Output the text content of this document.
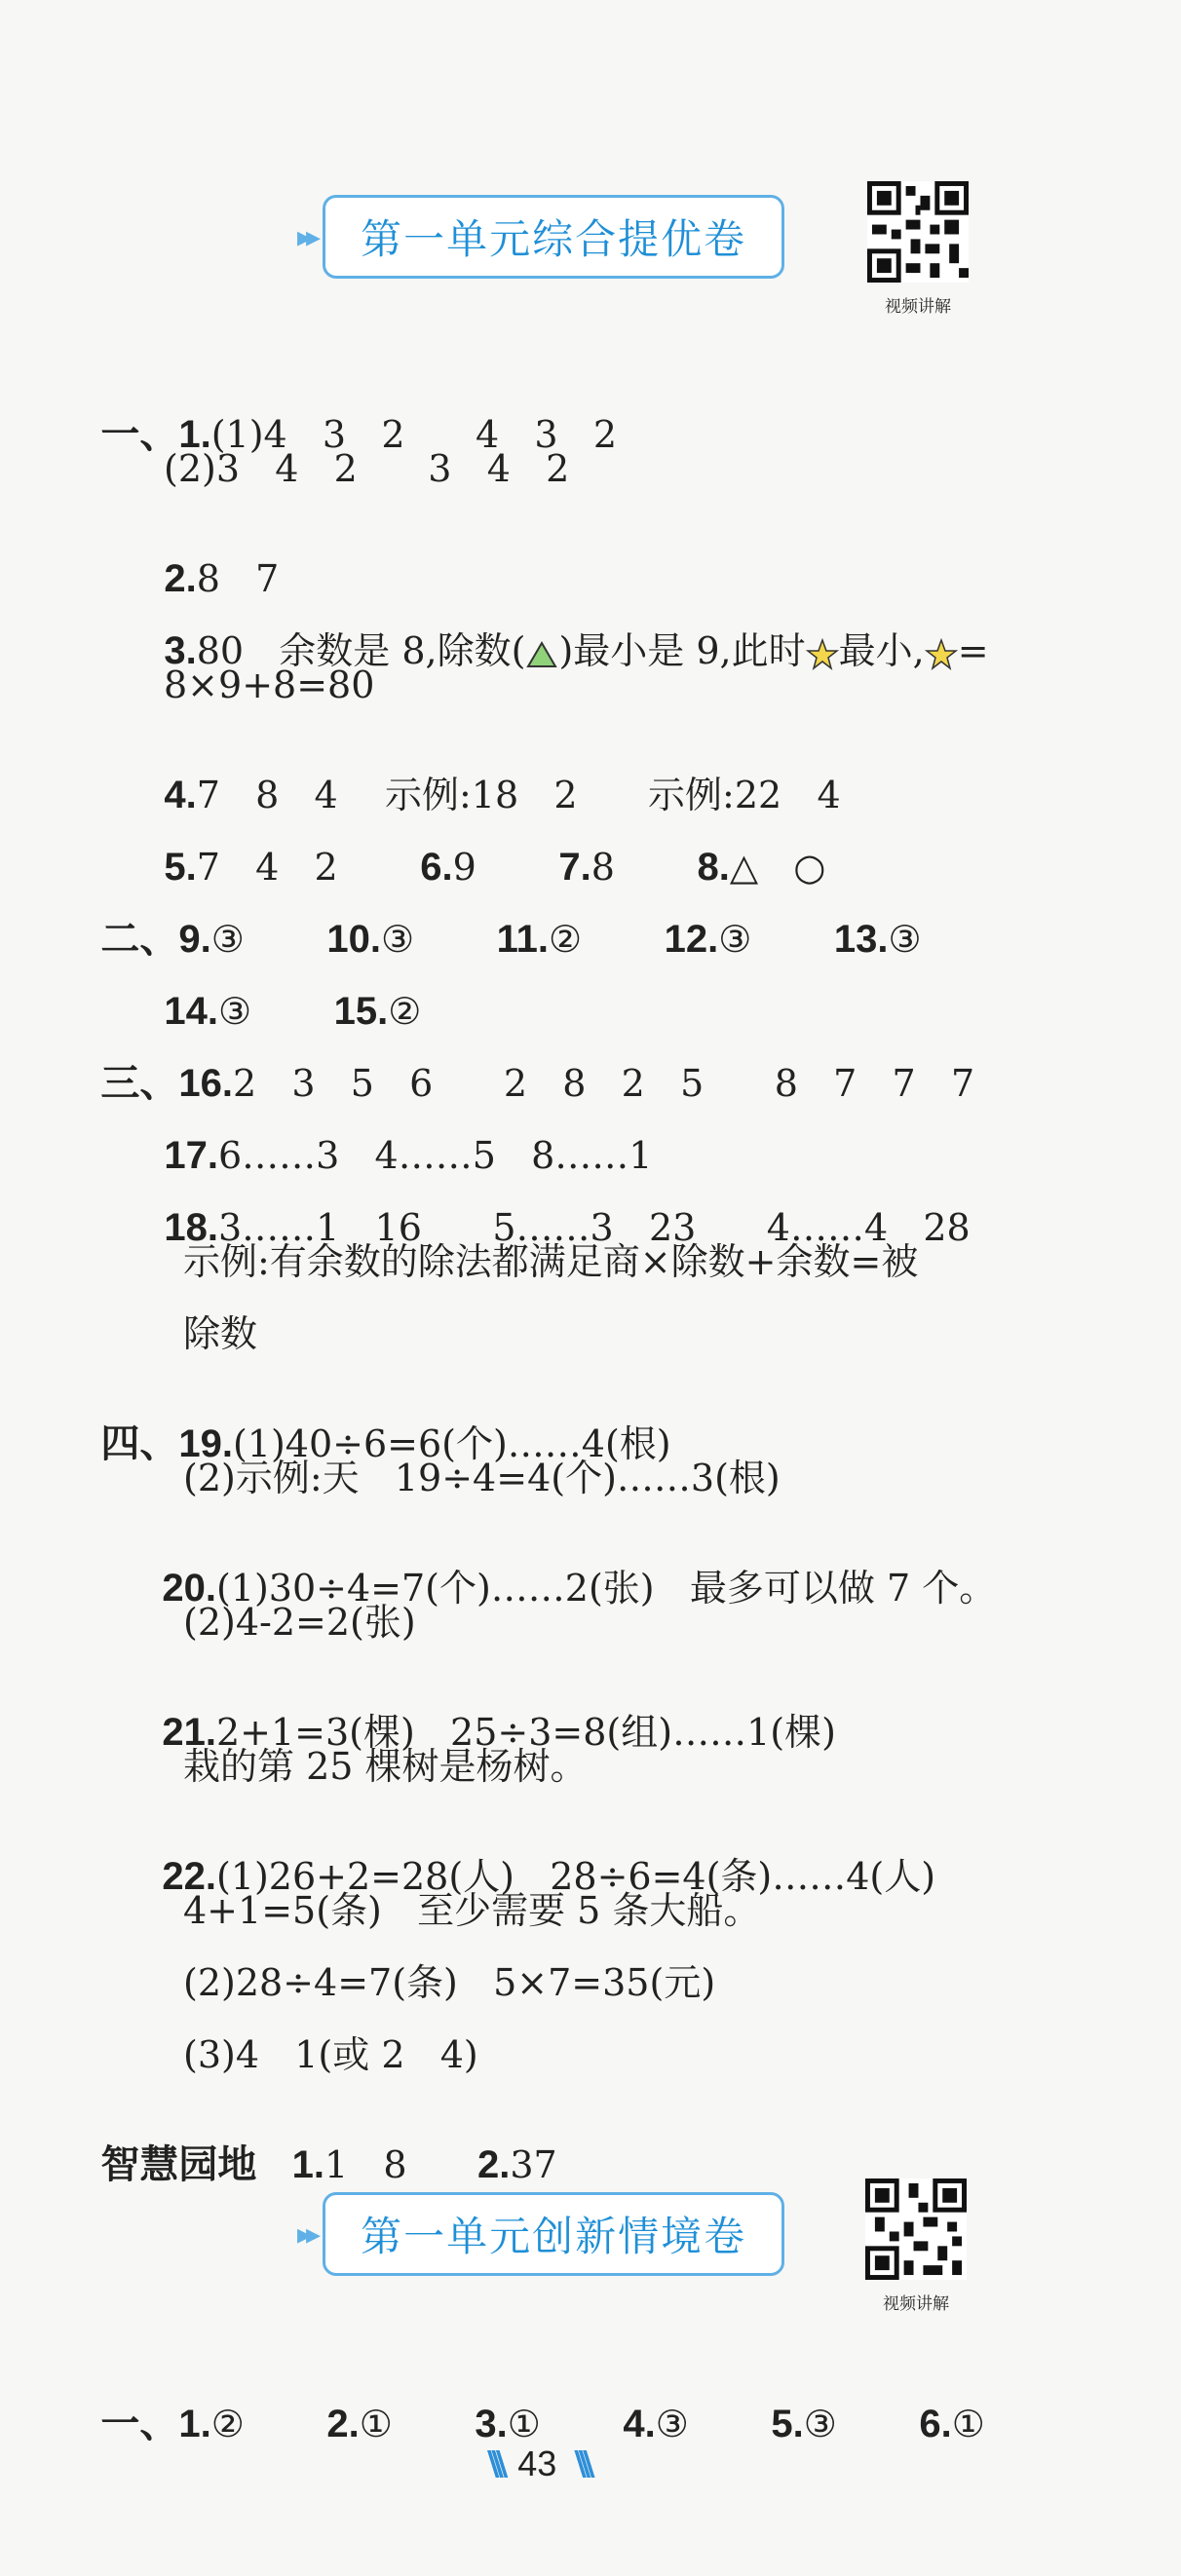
▸▸	第一单元综合提优卷
视频讲解

一、1.(1)4   3   2      4   3   2

(2)3   4   2      3   4   2

2.8   7

3.80   余数是 8,除数( )最小是 9,此时 最小, =

8×9+8=80

4.7   8   4    示例:18   2      示例:22   4

5.7   4   2 6.9 7.8 8.△   ○

二、9.③ 10.③ 11.② 12.③ 13.③

14.③ 15.②

三、16.2   3   5   6      2   8   2   5      8   7   7   7

17.6……3   4……5   8……1

18.3……1   16      5……3   23      4……4   28

示例:有余数的除法都满足商×除数+余数=被
除数

四、19.(1)40÷6=6(个)……4(根)

(2)示例:天   19÷4=4(个)……3(根)

20.(1)30÷4=7(个)……2(张)   最多可以做 7 个。

(2)4-2=2(张)

21.2+1=3(棵)   25÷3=8(组)……1(棵)

栽的第 25 棵树是杨树。

22.(1)26+2=28(人)   28÷6=4(条)……4(人)

4+1=5(条)   至少需要 5 条大船。
(2)28÷4=7(条)   5×7=35(元)
(3)4   1(或 2   4)

智慧园地 1.1   8 2.37

▸▸	第一单元创新情境卷
视频讲解

一、1.② 2.① 3.① 4.③ 5.③ 6.①

\\\ 43 \\\
